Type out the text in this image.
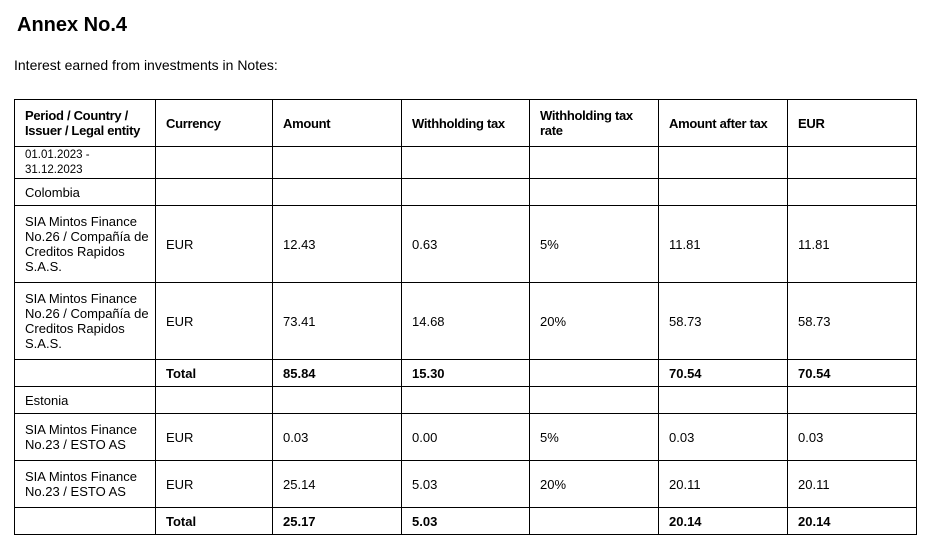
Annex No.4
Interest earned from investments in Notes:
Period / Country / Issuer / Legal entity	Currency	Amount	Withholding tax	Withholding tax rate	Amount after tax	EUR
01.01.2023 - 31.12.2023						
Colombia						
SIA Mintos Finance No.26 / Compañía de Creditos Rapidos S.A.S.	EUR	12.43	0.63	5%	11.81	11.81
SIA Mintos Finance No.26 / Compañía de Creditos Rapidos S.A.S.	EUR	73.41	14.68	20%	58.73	58.73
	Total	85.84	15.30		70.54	70.54
Estonia						
SIA Mintos Finance No.23 / ESTO AS	EUR	0.03	0.00	5%	0.03	0.03
SIA Mintos Finance No.23 / ESTO AS	EUR	25.14	5.03	20%	20.11	20.11
	Total	25.17	5.03		20.14	20.14
